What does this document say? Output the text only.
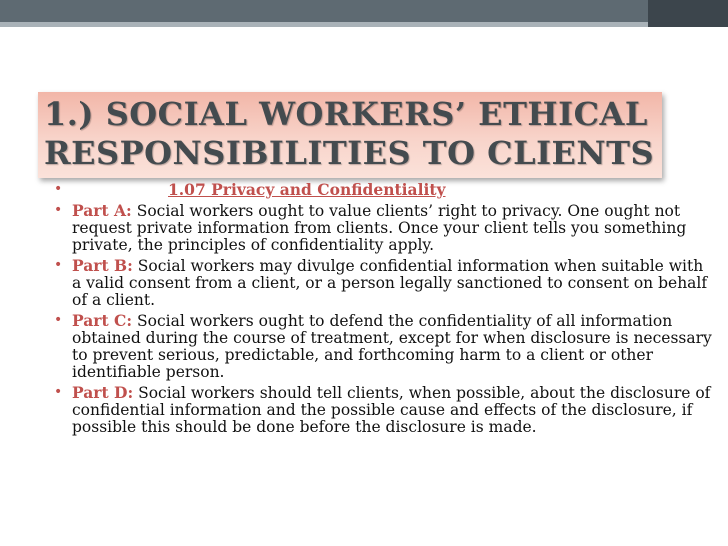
1.) SOCIAL WORKERS’ ETHICAL
RESPONSIBILITIES TO CLIENTS
•	1.07 Privacy and Confidentiality
• Part A: Social workers ought to value clients’ right to privacy. One ought not request private information from clients. Once your client tells you something private, the principles of confidentiality apply.
• Part B: Social workers may divulge confidential information when suitable with a valid consent from a client, or a person legally sanctioned to consent on behalf of a client.
• Part C: Social workers ought to defend the confidentiality of all information obtained during the course of treatment, except for when disclosure is necessary to prevent serious, predictable, and forthcoming harm to a client or other identifiable person.
• Part D: Social workers should tell clients, when possible, about the disclosure of confidential information and the possible cause and effects of the disclosure, if possible this should be done before the disclosure is made.
